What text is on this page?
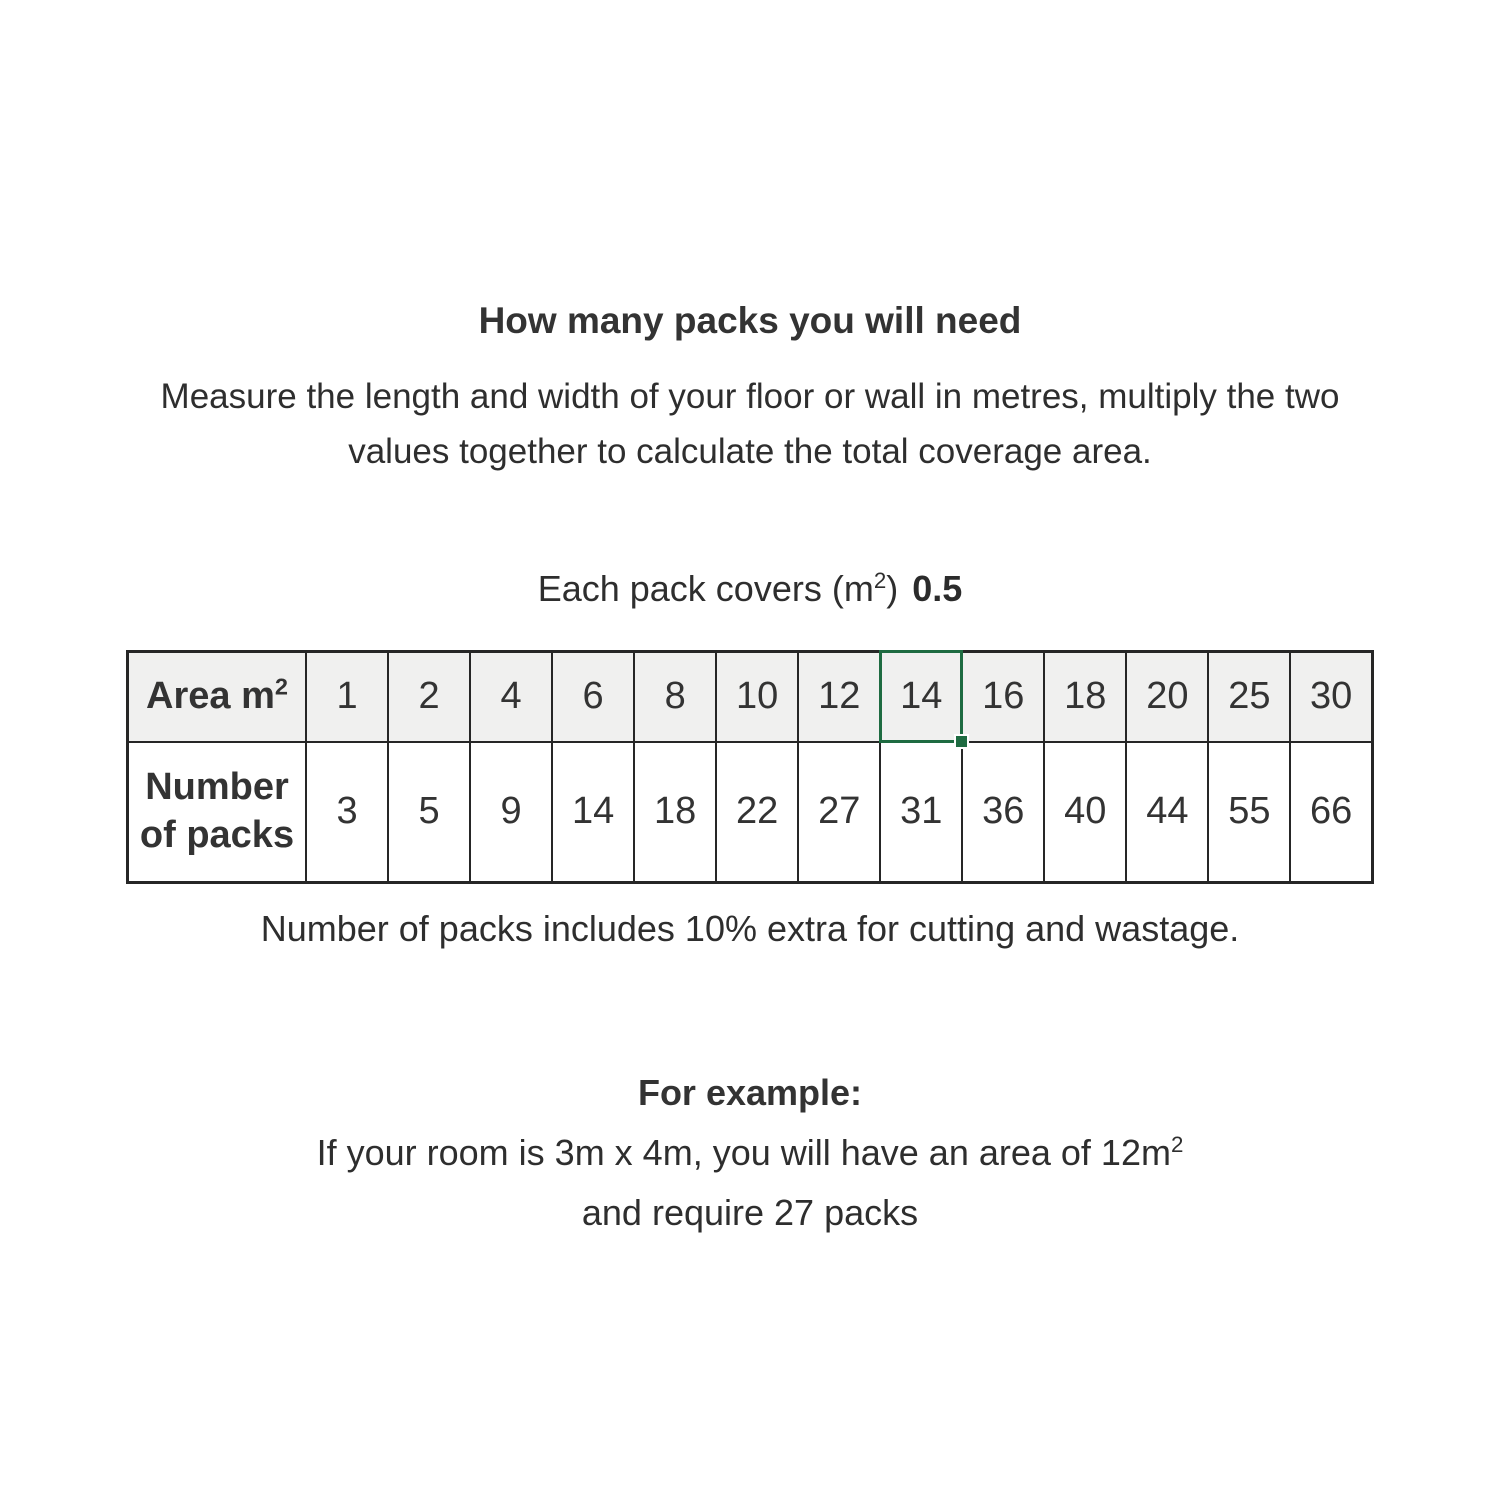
How many packs you will need

Measure the length and width of your floor or wall in metres, multiply the two values together to calculate the total coverage area.

Each pack covers $(m^2)$ 0.5
Area $m^2$	1	2	4	6	8	10	12	14	16	18	20	25	30
Number of packs	3	5	9	14	18	22	27	31	36	40	44	55	66
Number of packs includes 10% extra for cutting and wastage.
For example:
If your room is 3m x 4m, you will have an area of $12m^2$
and require 27 packs
